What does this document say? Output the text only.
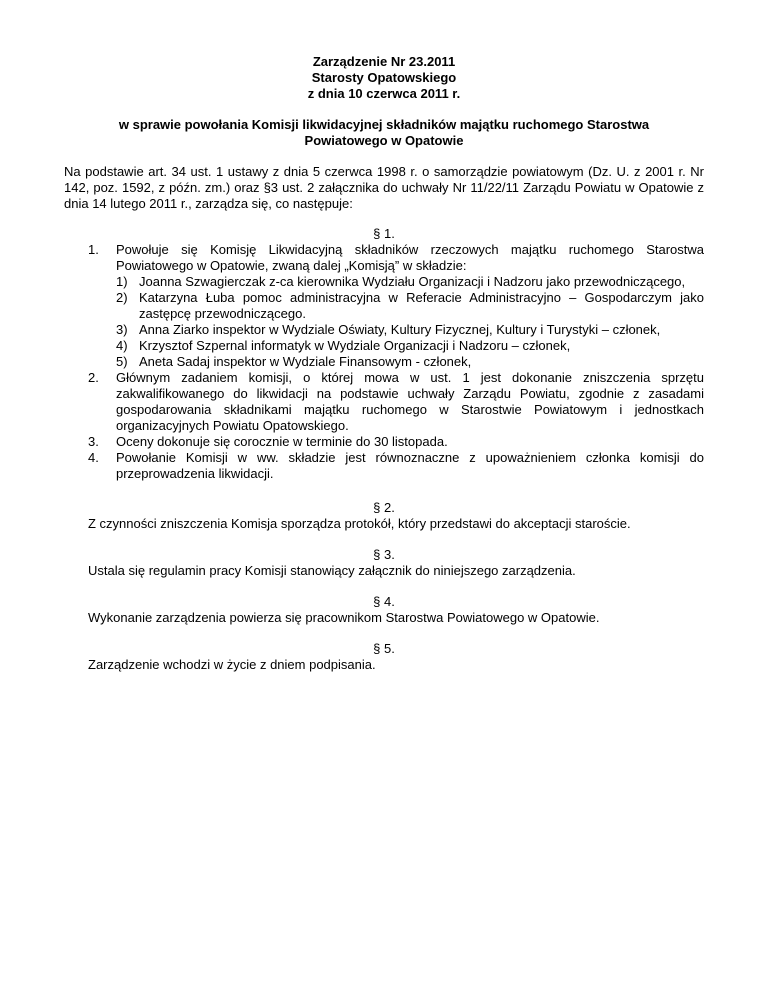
Zarządzenie Nr 23.2011
Starosty Opatowskiego
z dnia 10 czerwca 2011 r.
w sprawie powołania Komisji likwidacyjnej składników majątku ruchomego Starostwa
Powiatowego w Opatowie
Na podstawie art. 34 ust. 1 ustawy z dnia 5 czerwca 1998 r. o samorządzie powiatowym (Dz. U. z 2001 r. Nr 142, poz. 1592, z późn. zm.) oraz §3 ust. 2 załącznika do uchwały Nr 11/22/11 Zarządu Powiatu w Opatowie z dnia 14 lutego 2011 r., zarządza się, co następuje:
§ 1.
1. Powołuje się Komisję Likwidacyjną składników rzeczowych majątku ruchomego Starostwa Powiatowego w Opatowie, zwaną dalej „Komisją” w składzie:
1) Joanna Szwagierczak z-ca kierownika Wydziału Organizacji i Nadzoru jako przewodniczącego,
2) Katarzyna Łuba pomoc administracyjna w Referacie Administracyjno – Gospodarczym jako zastępcę przewodniczącego.
3) Anna Ziarko inspektor w Wydziale Oświaty, Kultury Fizycznej, Kultury i Turystyki – członek,
4) Krzysztof Szpernal informatyk w Wydziale Organizacji i Nadzoru – członek,
5) Aneta Sadaj inspektor w Wydziale Finansowym - członek,
2. Głównym zadaniem komisji, o której mowa w ust. 1 jest dokonanie zniszczenia sprzętu zakwalifikowanego do likwidacji na podstawie uchwały Zarządu Powiatu, zgodnie z zasadami gospodarowania składnikami majątku ruchomego w Starostwie Powiatowym i jednostkach organizacyjnych Powiatu Opatowskiego.
3. Oceny dokonuje się corocznie w terminie do 30 listopada.
4. Powołanie Komisji w ww. składzie jest równoznaczne z upoważnieniem członka komisji do przeprowadzenia likwidacji.
§ 2.
Z czynności zniszczenia Komisja sporządza protokół, który przedstawi do akceptacji staroście.
§ 3.
Ustala się regulamin pracy Komisji stanowiący załącznik do niniejszego zarządzenia.
§ 4.
Wykonanie zarządzenia powierza się pracownikom Starostwa Powiatowego w Opatowie.
§ 5.
Zarządzenie wchodzi w życie z dniem podpisania.
